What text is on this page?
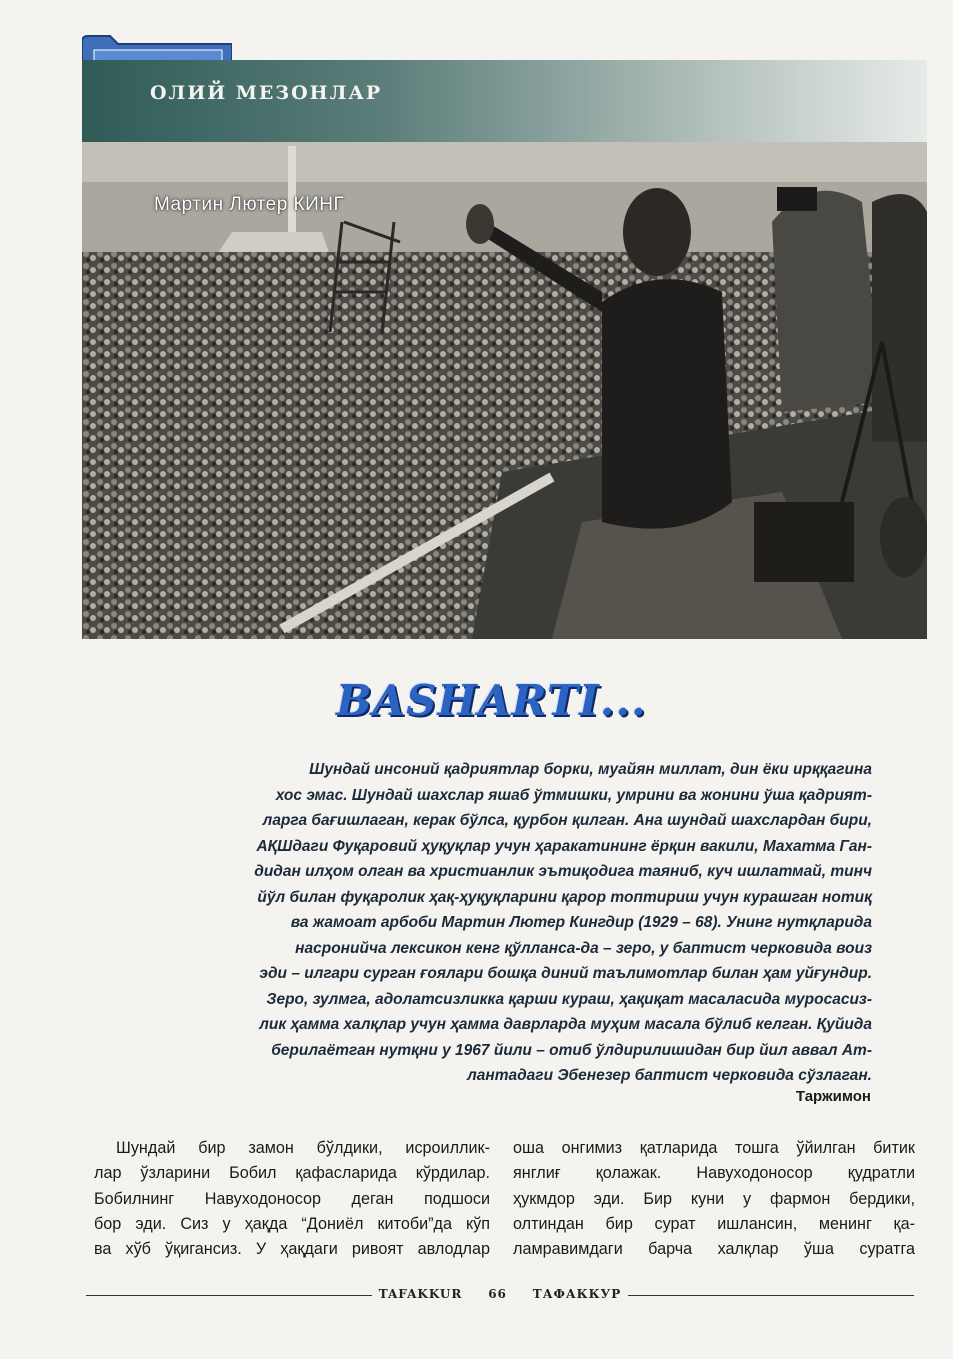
ОЛИЙ МЕЗОНЛАР
Мартин Лютер КИНГ
BASHARTI...
Шундай инсоний қадриятлар борки, муайян миллат, дин ёки ирққагина
хос эмас. Шундай шахслар яшаб ўтмишки, умрини ва жонини ўша қадрият-
ларга бағишлаган, керак бўлса, қурбон қилган. Ана шундай шахслардан бири,
АҚШдаги Фуқаровий ҳуқуқлар учун ҳаракатининг ёрқин вакили, Махатма Ган-
дидан илҳом олган ва христианлик эътиқодига таяниб, куч ишлатмай, тинч
йўл билан фуқаролик ҳақ-ҳуқуқларини қарор топтириш учун курашган нотиқ
ва жамоат арбоби Мартин Лютер Кингдир (1929 – 68). Унинг нутқларида
насронийча лексикон кенг қўлланса-да – зеро, у баптист черковида воиз
эди – илгари сурган ғоялари бошқа диний таълимотлар билан ҳам уйғундир.
Зеро, зулмга, адолатсизликка қарши кураш, ҳақиқат масаласида муросасиз-
лик ҳамма халқлар учун ҳамма даврларда муҳим масала бўлиб келган. Қуйида
берилаётган нутқни у 1967 йили – отиб ўлдирилишидан бир йил аввал Ат-
лантадаги Эбенезер баптист черковида сўзлаган.
Таржимон
Шундай бир замон бўлдики, исроиллик-
лар ўзларини Бобил қафасларида кўрдилар.
Бобилнинг Навуходоносор деган подшоси
бор эди. Сиз у ҳақда “Дониёл китоби”да кўп
ва хўб ўқигансиз. У ҳақдаги ривоят авлодлар
оша онгимиз қатларида тошга ўйилган битик
янглиғ қолажак. Навуходоносор қудратли
ҳукмдор эди. Бир куни у фармон бердики,
олтиндан бир сурат ишлансин, менинг қа-
ламравимдаги барча халқлар ўша суратга
TAFAKKUR 66 ТАФАККУР
